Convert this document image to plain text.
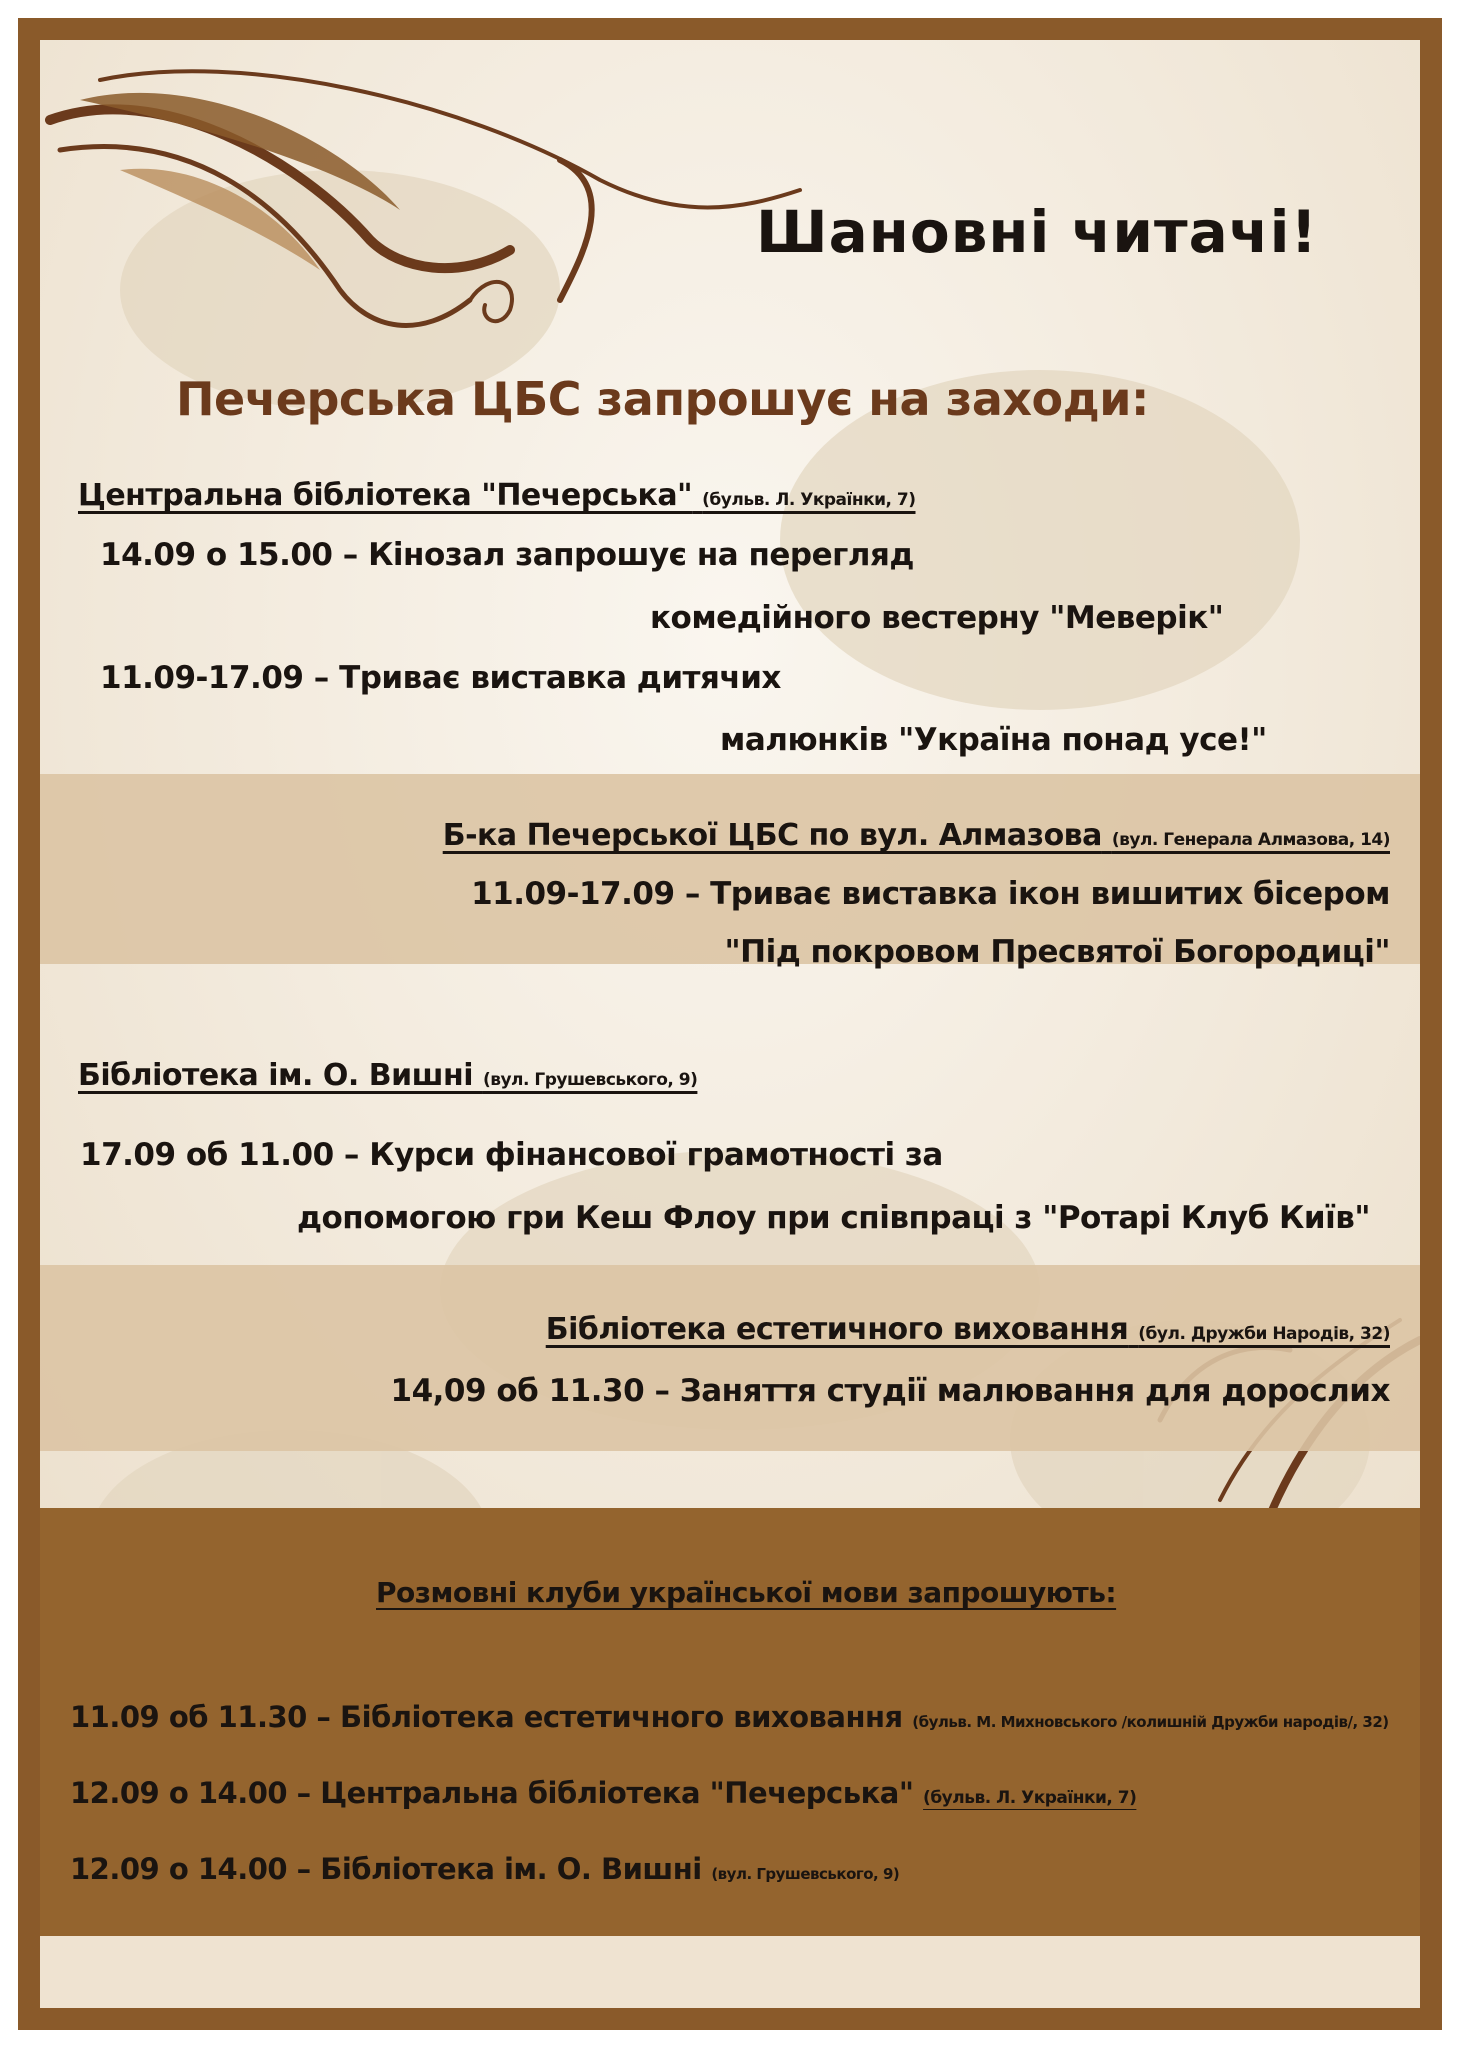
Шановні читачі!
Печерська ЦБС запрошує на заходи:
Центральна бібліотека "Печерська" (бульв. Л. Українки, 7)
14.09 о 15.00 – Кінозал запрошує на перегляд
комедійного вестерну "Меверік"
11.09-17.09 – Триває виставка дитячих
малюнків "Україна понад усе!"
Б-ка Печерської ЦБС по вул. Алмазова (вул. Генерала Алмазова, 14)
11.09-17.09 – Триває виставка ікон вишитих бісером
"Під покровом Пресвятої Богородиці"
Бібліотека ім. О. Вишні (вул. Грушевського, 9)
17.09 об 11.00 – Курси фінансової грамотності за
допомогою гри Кеш Флоу при співпраці з "Ротарі Клуб Київ"
Бібліотека естетичного виховання (бул. Дружби Народів, 32)
14,09 об 11.30 – Заняття студії малювання для дорослих
Розмовні клуби української мови запрошують:
11.09 об 11.30 – Бібліотека естетичного виховання (бульв. М. Михновського /колишній Дружби народів/, 32)
12.09 о 14.00 – Центральна бібліотека "Печерська" (бульв. Л. Українки, 7)
12.09 о 14.00 – Бібліотека ім. О. Вишні (вул. Грушевського, 9)
